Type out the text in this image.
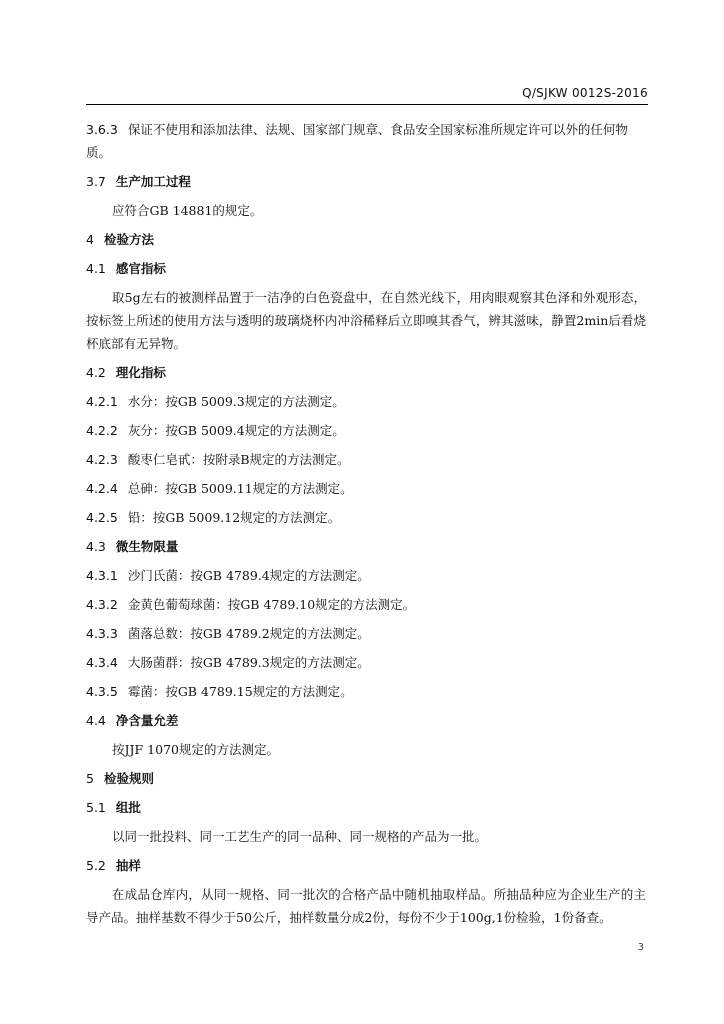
Q/SJKW 0012S-2016
3.6.3 保证不使用和添加法律、法规、国家部门规章、食品安全国家标准所规定许可以外的任何物质。
3.7 生产加工过程
应符合GB 14881的规定。
4 检验方法
4.1 感官指标
取5g左右的被测样品置于一洁净的白色瓷盘中，在自然光线下，用肉眼观察其色泽和外观形态，按标签上所述的使用方法与透明的玻璃烧杯内冲浴稀释后立即嗅其香气，辨其滋味，静置2min后看烧杯底部有无异物。
4.2 理化指标
4.2.1 水分：按GB 5009.3规定的方法测定。
4.2.2 灰分：按GB 5009.4规定的方法测定。
4.2.3 酸枣仁皂甙：按附录B规定的方法测定。
4.2.4 总砷：按GB 5009.11规定的方法测定。
4.2.5 铅：按GB 5009.12规定的方法测定。
4.3 微生物限量
4.3.1 沙门氏菌：按GB 4789.4规定的方法测定。
4.3.2 金黄色葡萄球菌：按GB 4789.10规定的方法测定。
4.3.3 菌落总数：按GB 4789.2规定的方法测定。
4.3.4 大肠菌群：按GB 4789.3规定的方法测定。
4.3.5 霉菌：按GB 4789.15规定的方法测定。
4.4 净含量允差
按JJF 1070规定的方法测定。
5 检验规则
5.1 组批
以同一批投料、同一工艺生产的同一品种、同一规格的产品为一批。
5.2 抽样
在成品仓库内，从同一规格、同一批次的合格产品中随机抽取样品。所抽品种应为企业生产的主导产品。抽样基数不得少于50公斤，抽样数量分成2份，每份不少于100g,1份检验，1份备查。
3
